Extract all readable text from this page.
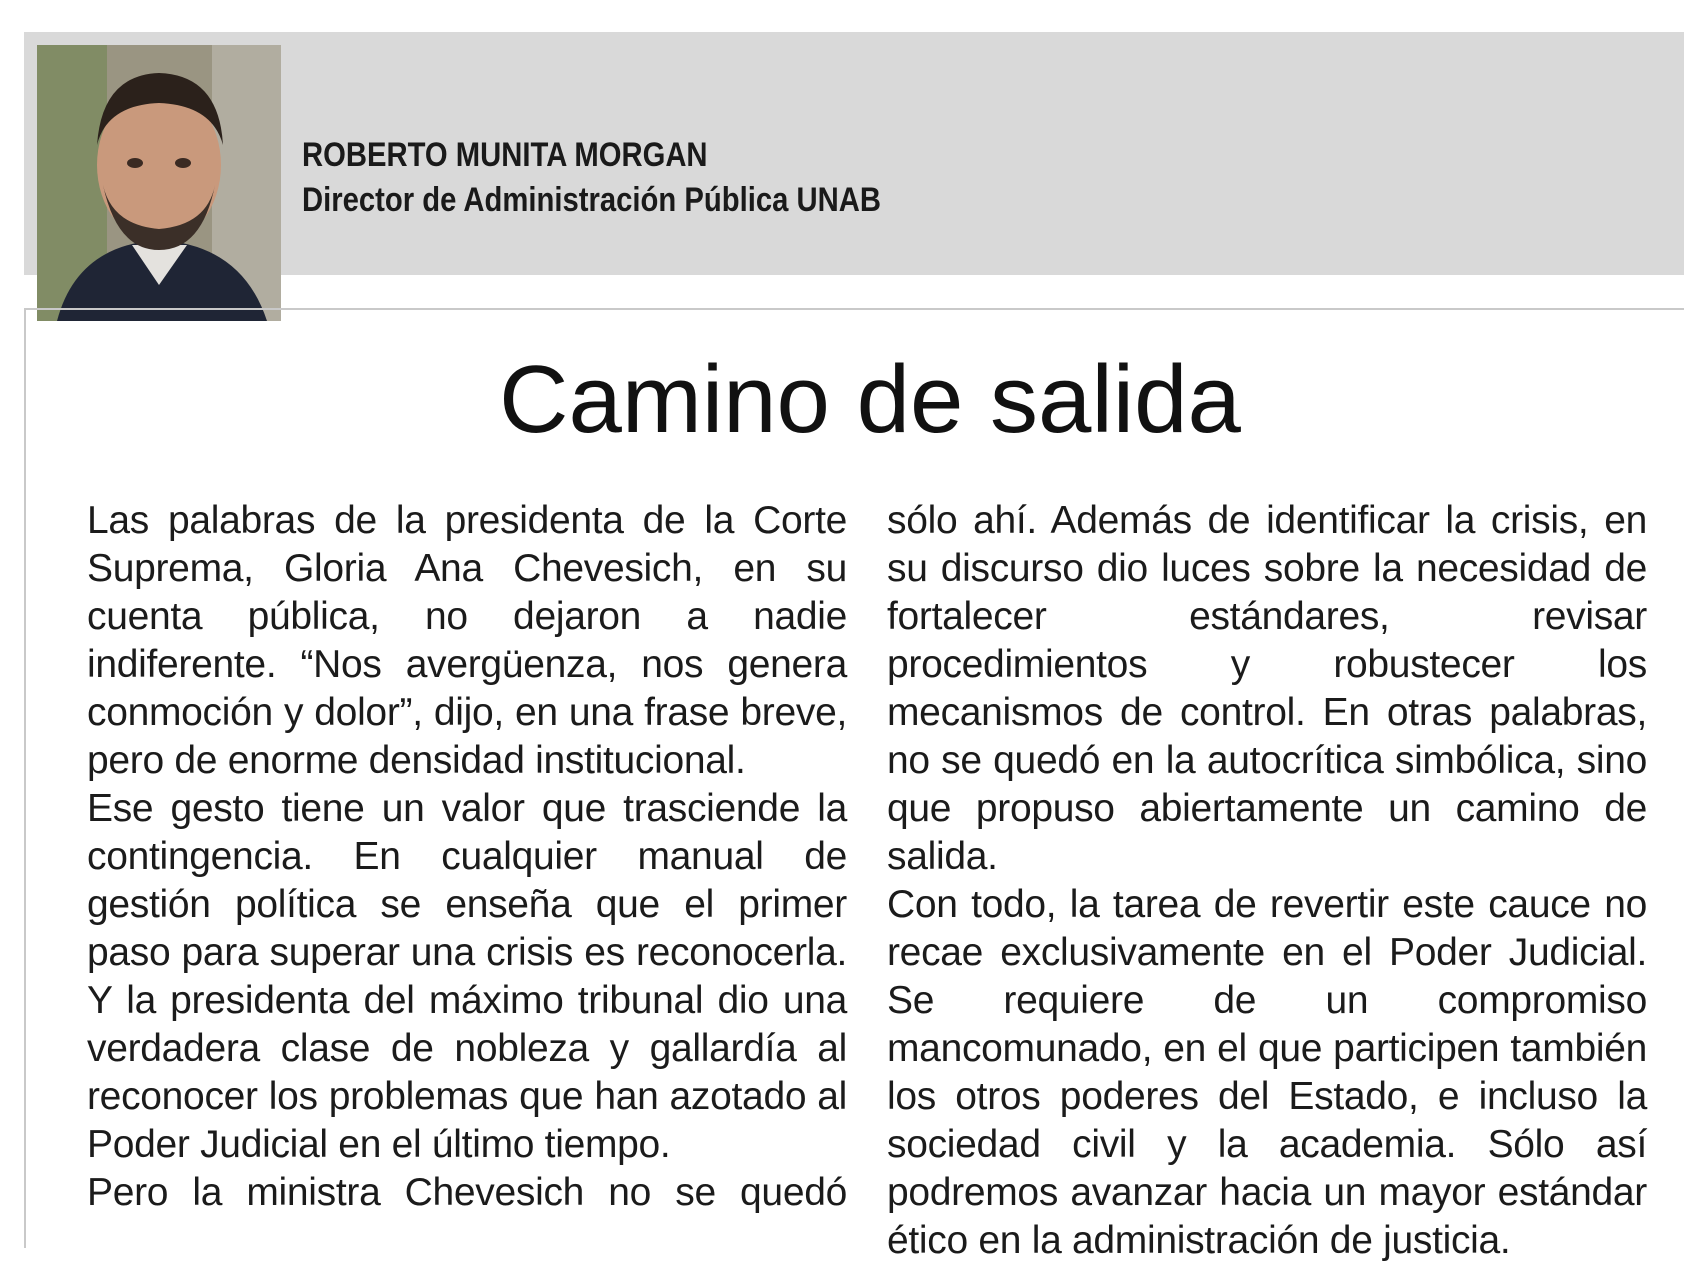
ROBERTO MUNITA MORGAN
Director de Administración Pública UNAB
Camino de salida

Las palabras de la presidenta de la Corte Suprema, Gloria Ana Chevesich, en su cuenta pública, no dejaron a nadie indiferente. “Nos avergüenza, nos genera conmoción y dolor”, dijo, en una frase breve, pero de enorme densidad institucional.

Ese gesto tiene un valor que trasciende la contingencia. En cualquier manual de gestión política se enseña que el primer paso para superar una crisis es reconocerla. Y la presidenta del máximo tribunal dio una verdadera clase de nobleza y gallardía al reconocer los problemas que han azotado al Poder Judicial en el último tiempo.

Pero la ministra Chevesich no se quedó

sólo ahí. Además de identificar la crisis, en su discurso dio luces sobre la necesidad de fortalecer estándares, revisar procedimientos y robustecer los mecanismos de control. En otras palabras, no se quedó en la autocrítica simbólica, sino que propuso abiertamente un camino de salida.

Con todo, la tarea de revertir este cauce no recae exclusivamente en el Poder Judicial. Se requiere de un compromiso mancomunado, en el que participen también los otros poderes del Estado, e incluso la sociedad civil y la academia. Sólo así podremos avanzar hacia un mayor estándar ético en la administración de justicia.
